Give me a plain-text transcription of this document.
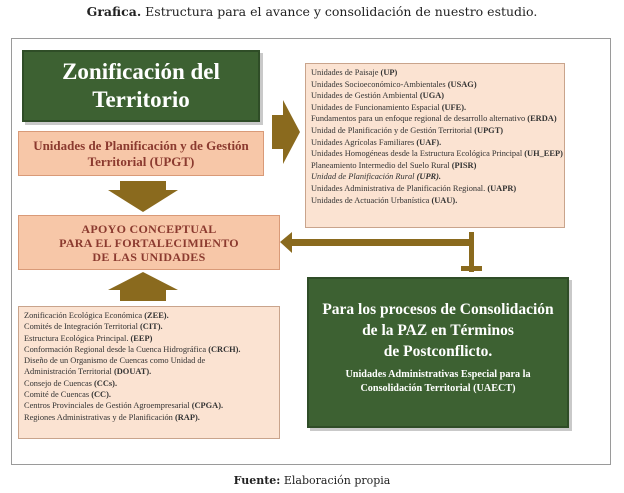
Grafica. Estructura para el avance y consolidación de nuestro estudio.
Zonificación del
Territorio
Unidades de Planificación y de Gestión
Territorial (UPGT)
APOYO CONCEPTUAL
PARA EL FORTALECIMIENTO
DE LAS UNIDADES
Zonificación Ecológica Económica (ZEE).
Comités de Integración Territorial (CIT).
Estructura Ecológica Principal. (EEP)
Conformación Regional desde la Cuenca Hidrográfica (CRCH).
Diseño de un Organismo de Cuencas como Unidad de
Administración Territorial (DOUAT).
Consejo de Cuencas (CCs).
Comité de Cuencas (CC).
Centros Provinciales de Gestión Agroempresarial (CPGA).
Regiones Administrativas y de Planificación (RAP).
Unidades de Paisaje (UP)
Unidades Socioeconómico-Ambientales (USAG)
Unidades de Gestión Ambiental (UGA)
Unidades de Funcionamiento Espacial (UFE).
Fundamentos para un enfoque regional de desarrollo alternativo (ERDA)
Unidad de Planificación y de Gestión Territorial (UPGT)
Unidades Agrícolas Familiares (UAF).
Unidades Homogéneas desde la Estructura Ecológica Principal (UH_EEP)
Planeamiento Intermedio del Suelo Rural (PISR)
Unidad de Planificación Rural (UPR).
Unidades Administrativa de Planificación Regional. (UAPR)
Unidades de Actuación Urbanística (UAU).
Para los procesos de Consolidación
de la PAZ en Términos
de Postconflicto.
Unidades Administrativas Especial para la
Consolidación Territorial (UAECT)
Fuente: Elaboración propia
